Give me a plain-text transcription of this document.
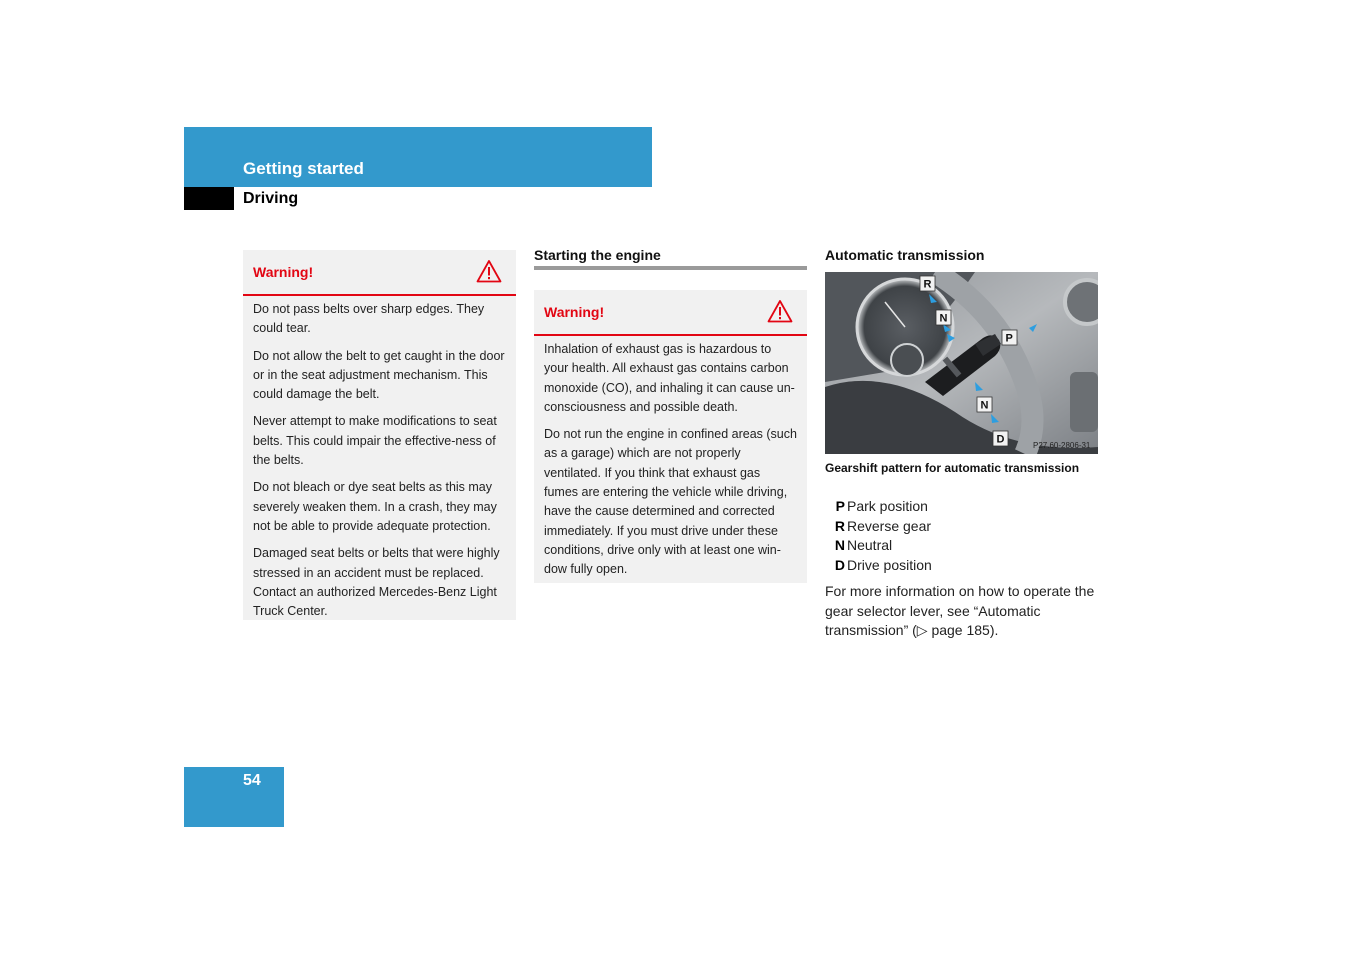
Getting started
Driving
Warning!

Do not pass belts over sharp edges. They could tear.

Do not allow the belt to get caught in the door or in the seat adjustment mechanism. This could damage the belt.

Never attempt to make modifications to seat belts. This could impair the effective-ness of the belts.

Do not bleach or dye seat belts as this may severely weaken them. In a crash, they may not be able to provide adequate protection.

Damaged seat belts or belts that were highly stressed in an accident must be replaced. Contact an authorized Mercedes-Benz Light Truck Center.

Starting the engine
Warning!

Inhalation of exhaust gas is hazardous to your health. All exhaust gas contains carbon monoxide (CO), and inhaling it can cause un-consciousness and possible death.

Do not run the engine in confined areas (such as a garage) which are not properly ventilated. If you think that exhaust gas fumes are entering the vehicle while driving, have the cause determined and corrected immediately. If you must drive under these conditions, drive only with at least one win-dow fully open.

Automatic transmission
R
N
P
N
D	P27.60-2806-31
Gearshift pattern for automatic transmission
P Park position
R Reverse gear
N Neutral
D Drive position
For more information on how to operate the gear selector lever, see “Automatic transmission” (▷ page 185).
54
